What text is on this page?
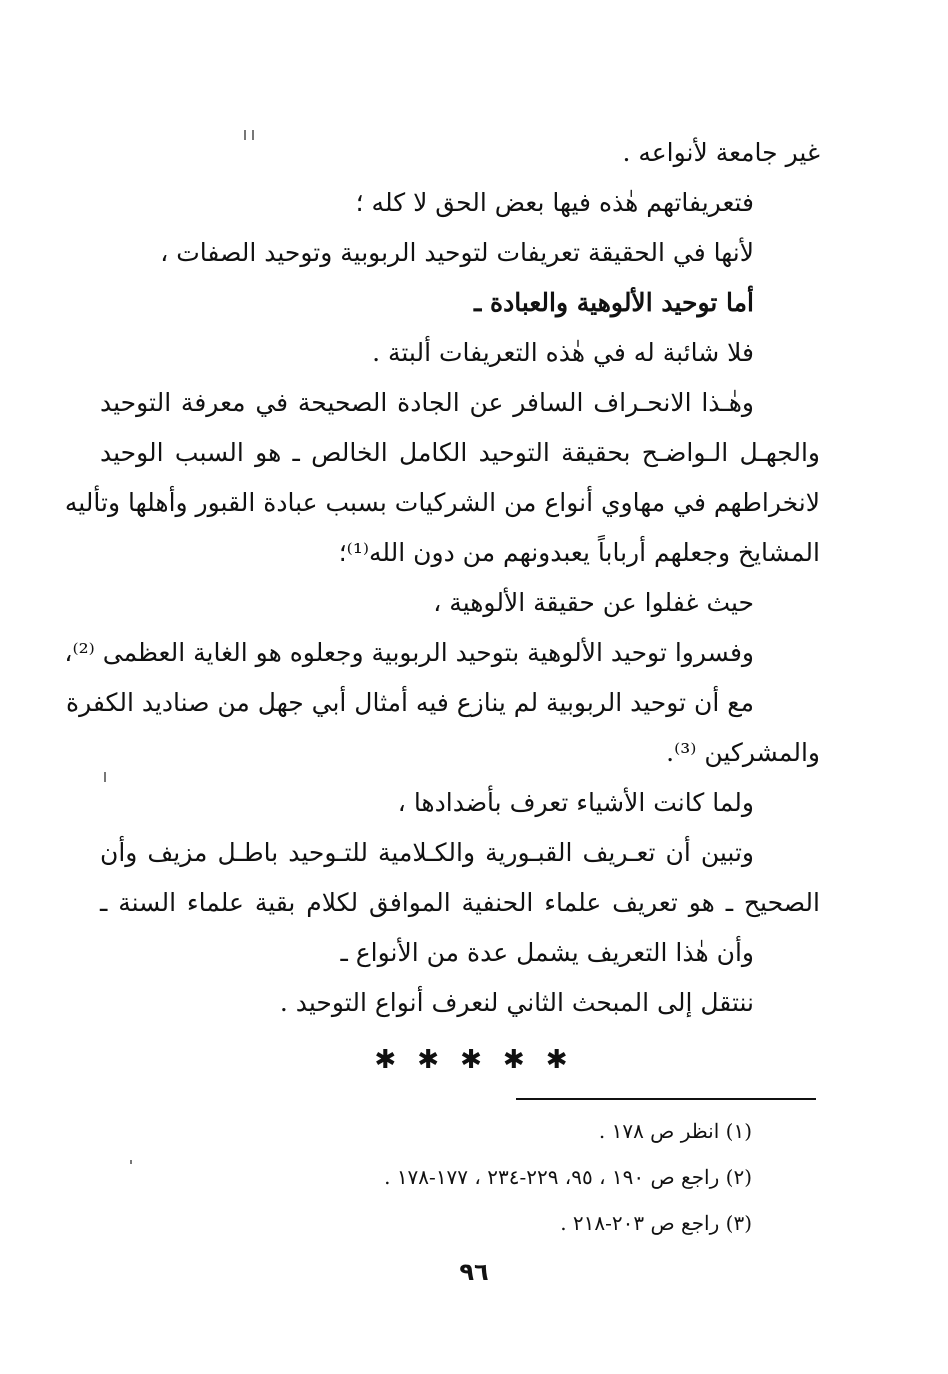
غير جامعة لأنواعه .
فتعريفاتهم هٰذه فيها بعض الحق لا كله ؛
لأنها في الحقيقة تعريفات لتوحيد الربوبية وتوحيد الصفات ،
أما توحيد الألوهية والعبادة ـ
فلا شائبة له في هٰذه التعريفات ألبتة .
وهٰـذا الانحـراف السافر عن الجادة الصحيحة في معرفة التوحيد
والجهـل الـواضـح بحقيقة التوحيد الكامل الخالص ـ هو السبب الوحيد
لانخراطهم في مهاوي أنواع من الشركيات بسبب عبادة القبور وأهلها وتأليه
المشايخ وجعلهم أرباباً يعبدونهم من دون الله⁽¹⁾؛
حيث غفلوا عن حقيقة الألوهية ،
وفسروا توحيد الألوهية بتوحيد الربوبية وجعلوه هو الغاية العظمى ⁽²⁾،
مع أن توحيد الربوبية لم ينازع فيه أمثال أبي جهل من صناديد الكفرة
والمشركين ⁽³⁾.
ولما كانت الأشياء تعرف بأضدادها ،
وتبين أن تعـريف القبـورية والكـلامية للتـوحيد باطـل مزيف وأن
الصحيح ـ هو تعريف علماء الحنفية الموافق لكلام بقية علماء السنة ـ
وأن هٰذا التعريف يشمل عدة من الأنواع ـ
ننتقل إلى المبحث الثاني لنعرف أنواع التوحيد .
✱ ✱ ✱ ✱ ✱
(١) انظر ص ١٧٨ .
(٢) راجع ص ١٩٠ ، ٩٥، ٢٢٩-٢٣٤ ، ١٧٧-١٧٨ .
(٣) راجع ص ٢٠٣-٢١٨ .
٩٦
